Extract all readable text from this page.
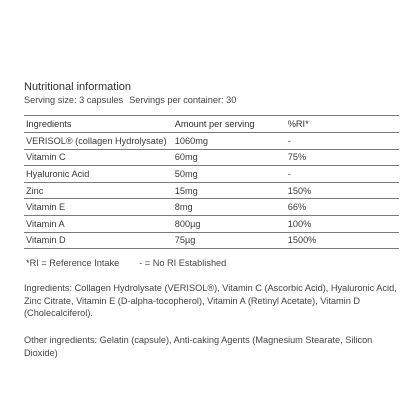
Nutritional information

Serving size: 3 capsules Servings per container: 30

Ingredients	Amount per serving	%RI*
VERISOL® (collagen Hydrolysate)	1060mg	-
Vitamin C	60mg	75%
Hyaluronic Acid	50mg	-
Zinc	15mg	150%
Vitamin E	8mg	66%
Vitamin A	800µg	100%
Vitamin D	75µg	1500%

*RI = Reference Intake - = No RI Established

Ingredients: Collagen Hydrolysate (VERISOL®), Vitamin C (Ascorbic Acid), Hyaluronic Acid, Zinc Citrate, Vitamin E (D-alpha-tocopherol), Vitamin A (Retinyl Acetate), Vitamin D (Cholecalciferol).

Other ingredients: Gelatin (capsule), Anti-caking Agents (Magnesium Stearate, Silicon Dioxide)
